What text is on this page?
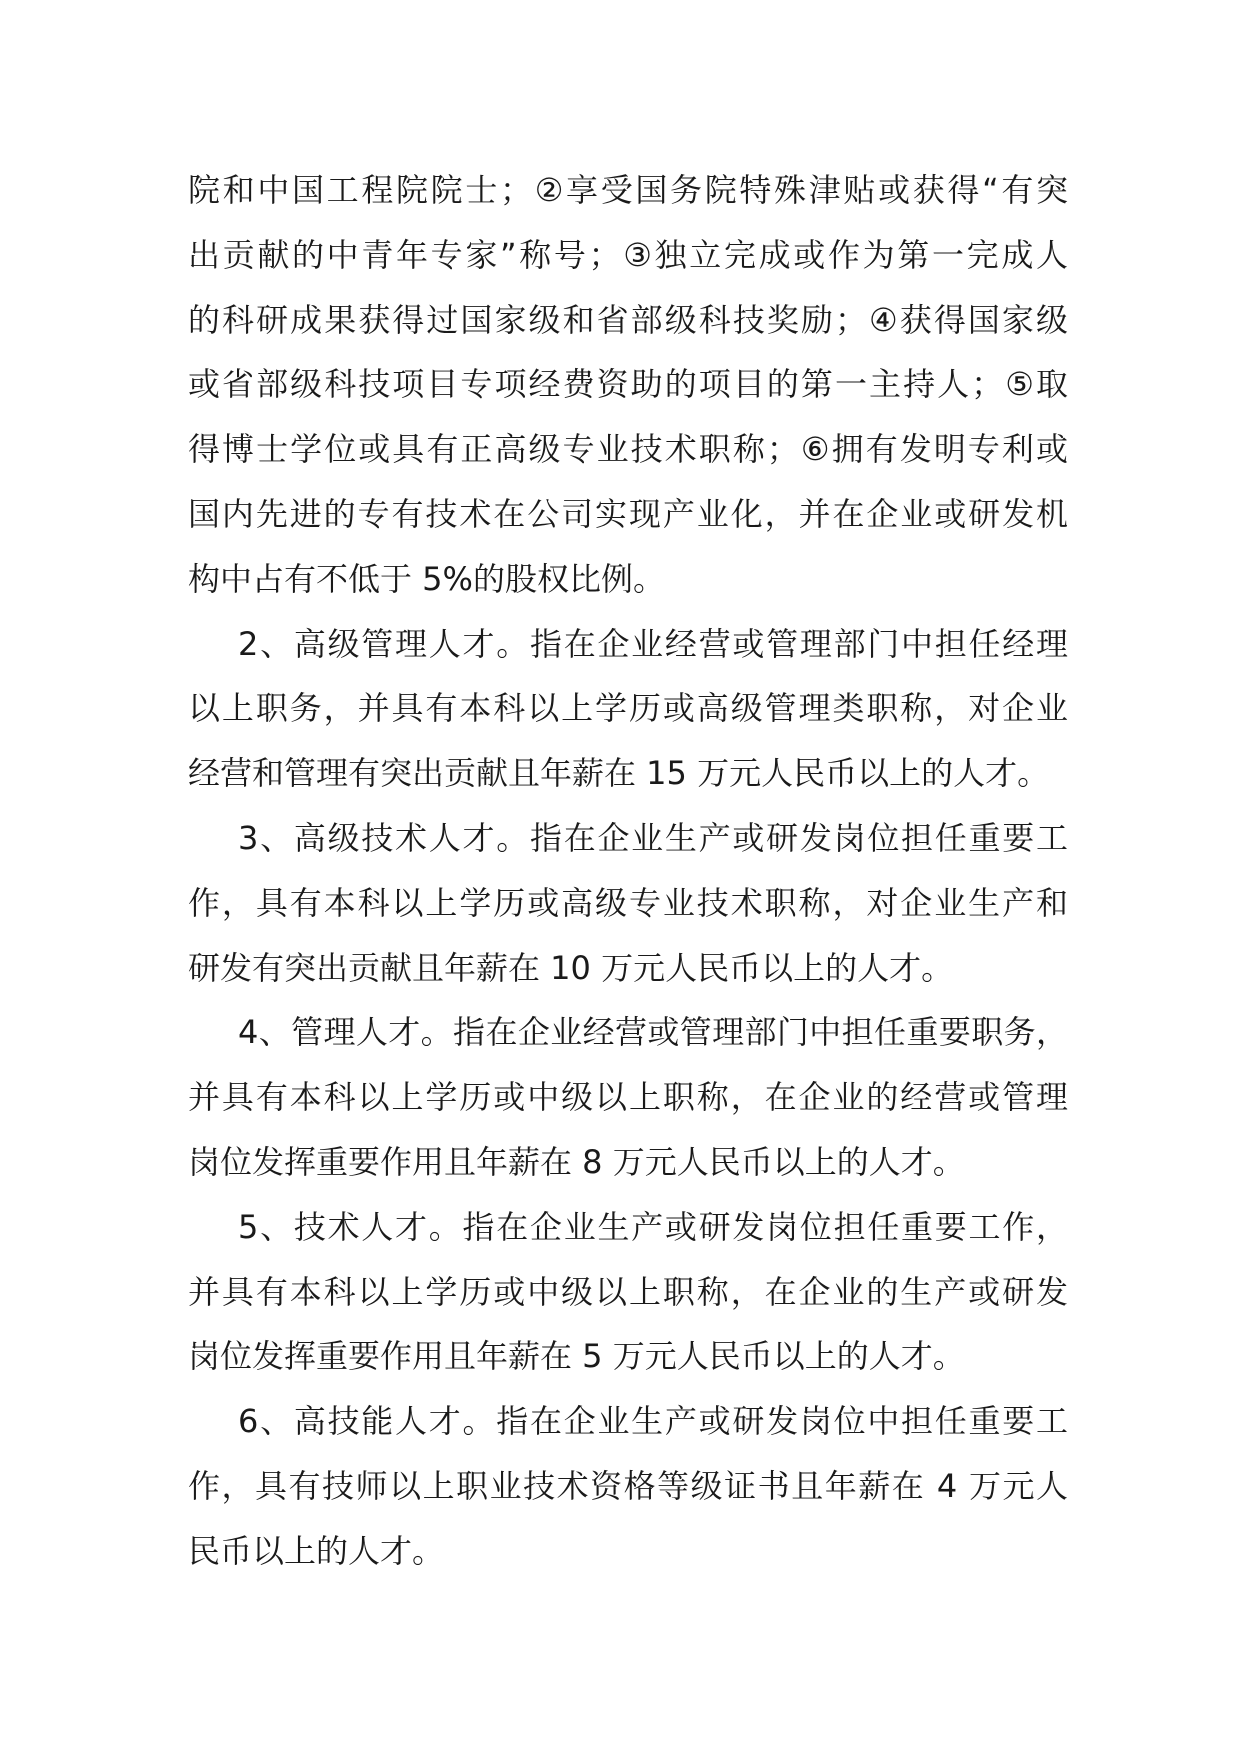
院和中国工程院院士；②享受国务院特殊津贴或获得“有突
出贡献的中青年专家”称号；③独立完成或作为第一完成人
的科研成果获得过国家级和省部级科技奖励；④获得国家级
或省部级科技项目专项经费资助的项目的第一主持人；⑤取
得博士学位或具有正高级专业技术职称；⑥拥有发明专利或
国内先进的专有技术在公司实现产业化，并在企业或研发机
构中占有不低于 5%的股权比例。
2、高级管理人才。指在企业经营或管理部门中担任经理
以上职务，并具有本科以上学历或高级管理类职称，对企业
经营和管理有突出贡献且年薪在 15 万元人民币以上的人才。
3、高级技术人才。指在企业生产或研发岗位担任重要工
作，具有本科以上学历或高级专业技术职称，对企业生产和
研发有突出贡献且年薪在 10 万元人民币以上的人才。
4、管理人才。指在企业经营或管理部门中担任重要职务，
并具有本科以上学历或中级以上职称，在企业的经营或管理
岗位发挥重要作用且年薪在 8 万元人民币以上的人才。
5、技术人才。指在企业生产或研发岗位担任重要工作，
并具有本科以上学历或中级以上职称，在企业的生产或研发
岗位发挥重要作用且年薪在 5 万元人民币以上的人才。
6、高技能人才。指在企业生产或研发岗位中担任重要工
作，具有技师以上职业技术资格等级证书且年薪在 4 万元人
民币以上的人才。
